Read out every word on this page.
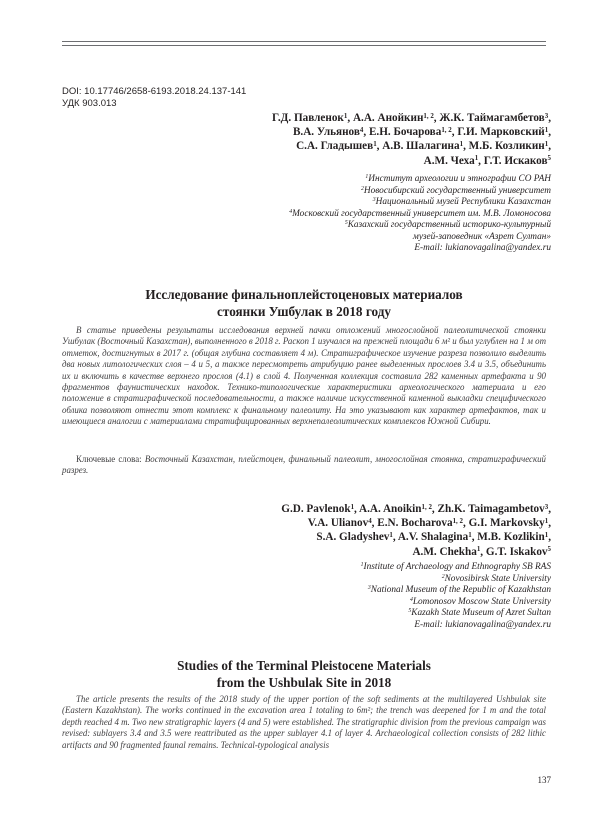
DOI: 10.17746/2658-6193.2018.24.137-141
УДК 903.013
Г.Д. Павленок$^1$, А.А. Анойкин$^{1, 2}$, Ж.К. Таймагамбетов$^3$,
В.А. Ульянов$^4$, Е.Н. Бочарова$^{1, 2}$, Г.И. Марковский$^1$,
С.А. Гладышев$^1$, А.В. Шалагина$^1$, М.Б. Козликин$^1$,
А.М. Чеха$^1$, Г.Т. Искаков$^5$
$^1$Институт археологии и этнографии СО РАН
$^2$Новосибирский государственный университет
$^3$Национальный музей Республики Казахстан
$^4$Московский государственный университет им. М.В. Ломоносова
$^5$Казахский государственный историко-культурный
музей-заповедник «Азрет Султан»
E-mail: lukianovagalina@yandex.ru
Исследование финальноплейстоценовых материалов
стоянки Ушбулак в 2018 году
В статье приведены результаты исследования верхней пачки отложений многослойной палеолитической стоянки Ушбулак (Восточный Казахстан), выполненного в 2018 г. Раскоп 1 изучался на прежней площади 6 м² и был углублен на 1 м от отметок, достигнутых в 2017 г. (общая глубина составляет 4 м). Стратиграфическое изучение разреза позволило выделить два новых литологических слоя – 4 и 5, а также пересмотреть атрибуцию ранее выделенных прослоев 3.4 и 3.5, объединить их и включить в качестве верхнего прослоя (4.1) в слой 4. Полученная коллекция составила 282 каменных артефакта и 90 фрагментов фаунистических находок. Технико-типологические характеристики археологического материала и его положение в стратиграфической последовательности, а также наличие искусственной каменной выкладки специфического облика позволяют отнести этот комплекс к финальному палеолиту. На это указывают как характер артефактов, так и имеющиеся аналогии с материалами стратифицированных верхнепалеолитических комплексов Южной Сибири.
Ключевые слова: Восточный Казахстан, плейстоцен, финальный палеолит, многослойная стоянка, стратиграфический разрез.
G.D. Pavlenok$^1$, A.A. Anoikin$^{1, 2}$, Zh.K. Taimagambetov$^3$,
V.A. Ulianov$^4$, E.N. Bocharova$^{1, 2}$, G.I. Markovsky$^1$,
S.A. Gladyshev$^1$, A.V. Shalagina$^1$, M.B. Kozlikin$^1$,
A.M. Chekha$^1$, G.T. Iskakov$^5$
$^1$Institute of Archaeology and Ethnography SB RAS
$^2$Novosibirsk State University
$^3$National Museum of the Republic of Kazakhstan
$^4$Lomonosov Moscow State University
$^5$Kazakh State Museum of Azret Sultan
E-mail: lukianovagalina@yandex.ru
Studies of the Terminal Pleistocene Materials
from the Ushbulak Site in 2018
The article presents the results of the 2018 study of the upper portion of the soft sediments at the multilayered Ushbulak site (Eastern Kazakhstan). The works continued in the excavation area 1 totaling to 6m²; the trench was deepened for 1 m and the total depth reached 4 m. Two new stratigraphic layers (4 and 5) were established. The stratigraphic division from the previous campaign was revised: sublayers 3.4 and 3.5 were reattributed as the upper sublayer 4.1 of layer 4. Archaeological collection consists of 282 lithic artifacts and 90 fragmented faunal remains. Technical-typological analysis
137
